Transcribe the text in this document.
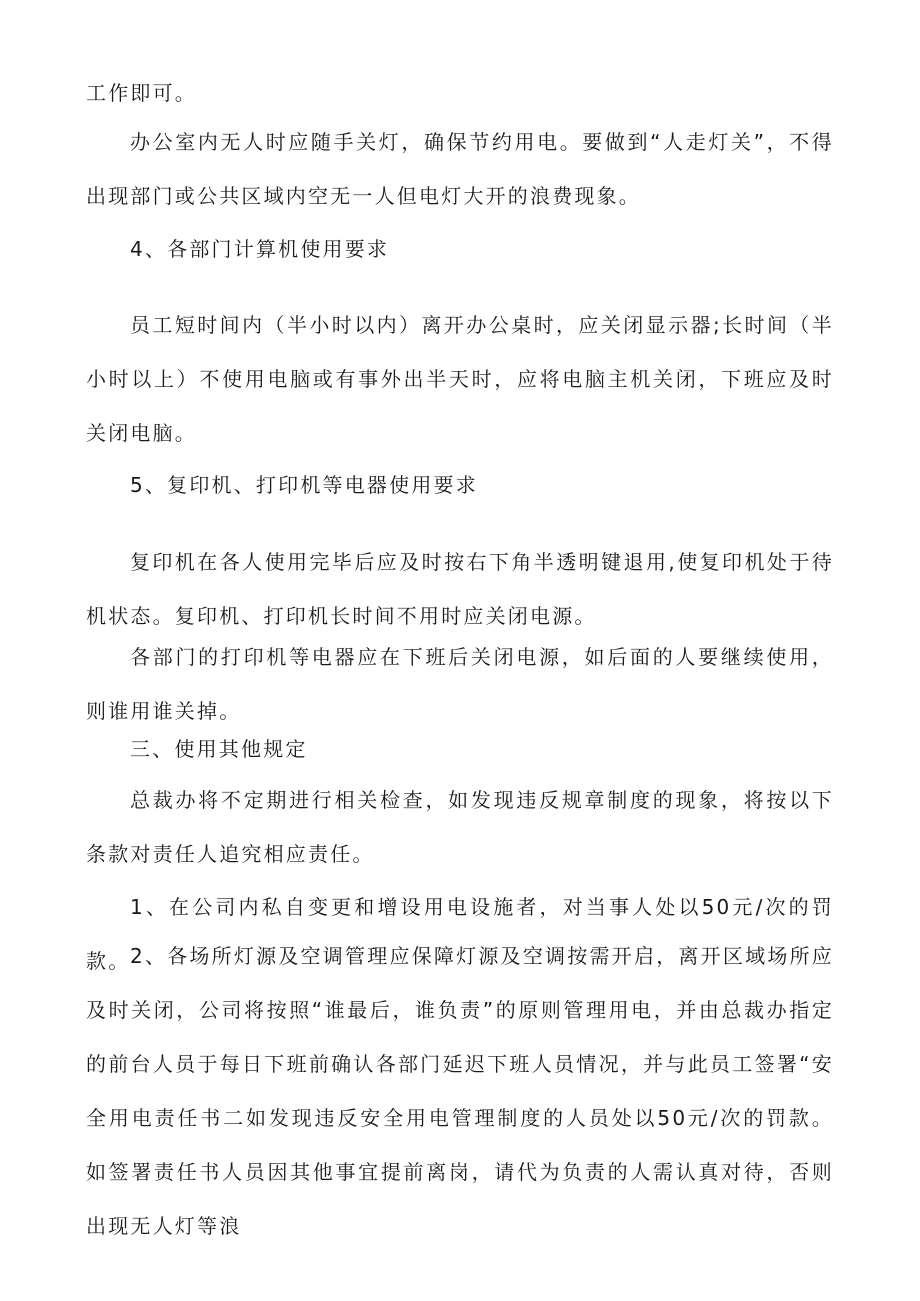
工作即可。

办公室内无人时应随手关灯，确保节约用电。要做到“人走灯关”，不得出现部门或公共区域内空无一人但电灯大开的浪费现象。

4、各部门计算机使用要求

员工短时间内（半小时以内）离开办公桌时，应关闭显示器;长时间（半小时以上）不使用电脑或有事外出半天时，应将电脑主机关闭，下班应及时关闭电脑。

5、复印机、打印机等电器使用要求

复印机在各人使用完毕后应及时按右下角半透明键退用,使复印机处于待机状态。复印机、打印机长时间不用时应关闭电源。

各部门的打印机等电器应在下班后关闭电源，如后面的人要继续使用，则谁用谁关掉。

三、使用其他规定

总裁办将不定期进行相关检查，如发现违反规章制度的现象，将按以下条款对责任人追究相应责任。

1、在公司内私自变更和增设用电设施者，对当事人处以50元/次的罚款。 2、各场所灯源及空调管理应保障灯源及空调按需开启，离开区域场所应及时关闭，公司将按照“谁最后，谁负责”的原则管理用电，并由总裁办指定的前台人员于每日下班前确认各部门延迟下班人员情况，并与此员工签署“安全用电责任书二如发现违反安全用电管理制度的人员处以50元/次的罚款。如签署责任书人员因其他事宜提前离岗，请代为负责的人需认真对待，否则出现无人灯等浪
